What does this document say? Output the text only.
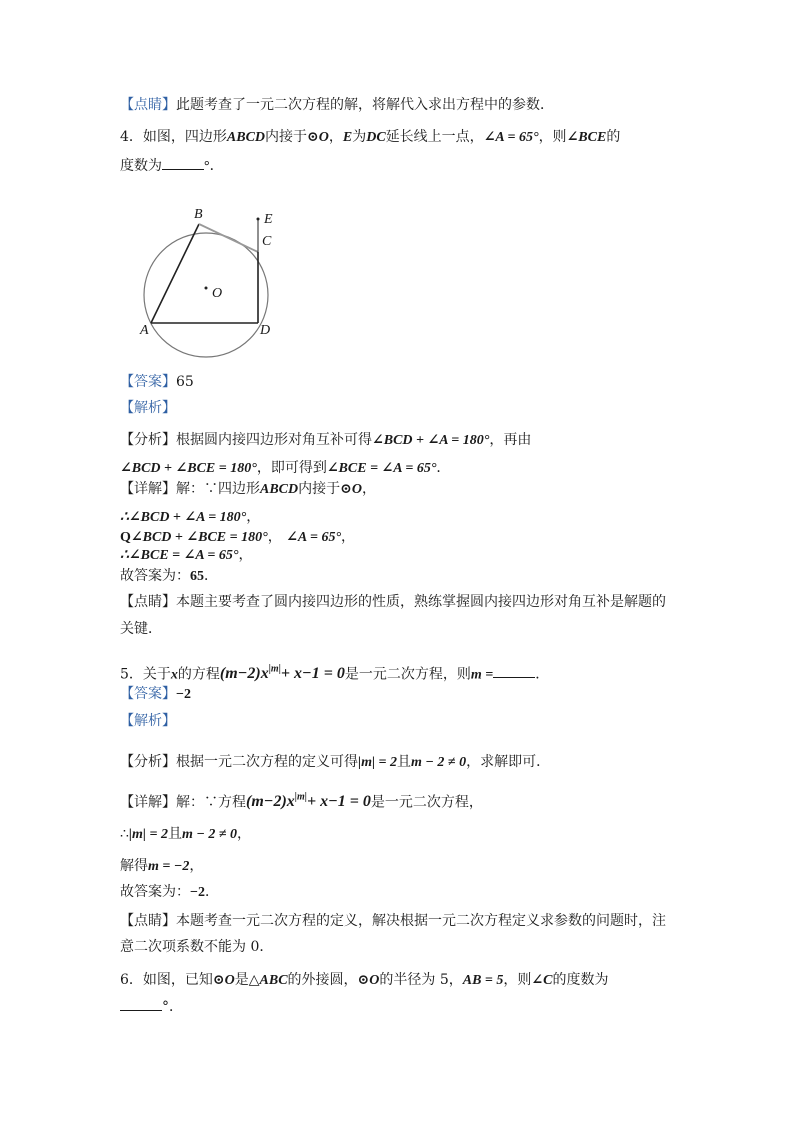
【点睛】此题考查了一元二次方程的解，将解代入求出方程中的参数．
4．如图，四边形ABCD内接于⊙O，E为DC延长线上一点，∠A = 65°，则∠BCE的
度数为	°．
B	E
C
O
A	D
【答案】65
【解析】
【分析】根据圆内接四边形对角互补可得∠BCD + ∠A = 180°，再由
∠BCD + ∠BCE = 180°，即可得到∠BCE = ∠A = 65°．
【详解】解：∵四边形ABCD内接于⊙O，
∴∠BCD + ∠A = 180°，
Q∠BCD + ∠BCE = 180°， ∠A = 65°，
∴∠BCE = ∠A = 65°，
故答案为：65．
【点睛】本题主要考查了圆内接四边形的性质，熟练掌握圆内接四边形对角互补是解题的
关键．
5．关于x的方程$(m-2)x^{|m|}+ x-1 = 0$是一元二次方程，则m =	．
【答案】−2
【解析】
【分析】根据一元二次方程的定义可得|m| = 2且m − 2 ≠ 0，求解即可．
【详解】解：∵方程$(m-2)x^{|m|}+ x-1 = 0$是一元二次方程，
∴|m| = 2且m − 2 ≠ 0，
解得m = −2，
故答案为：−2．
【点睛】本题考查一元二次方程的定义，解决根据一元二次方程定义求参数的问题时，注
意二次项系数不能为 0．
6．如图，已知⊙O是△ABC的外接圆，⊙O的半径为 5，AB = 5，则∠C的度数为
°．
